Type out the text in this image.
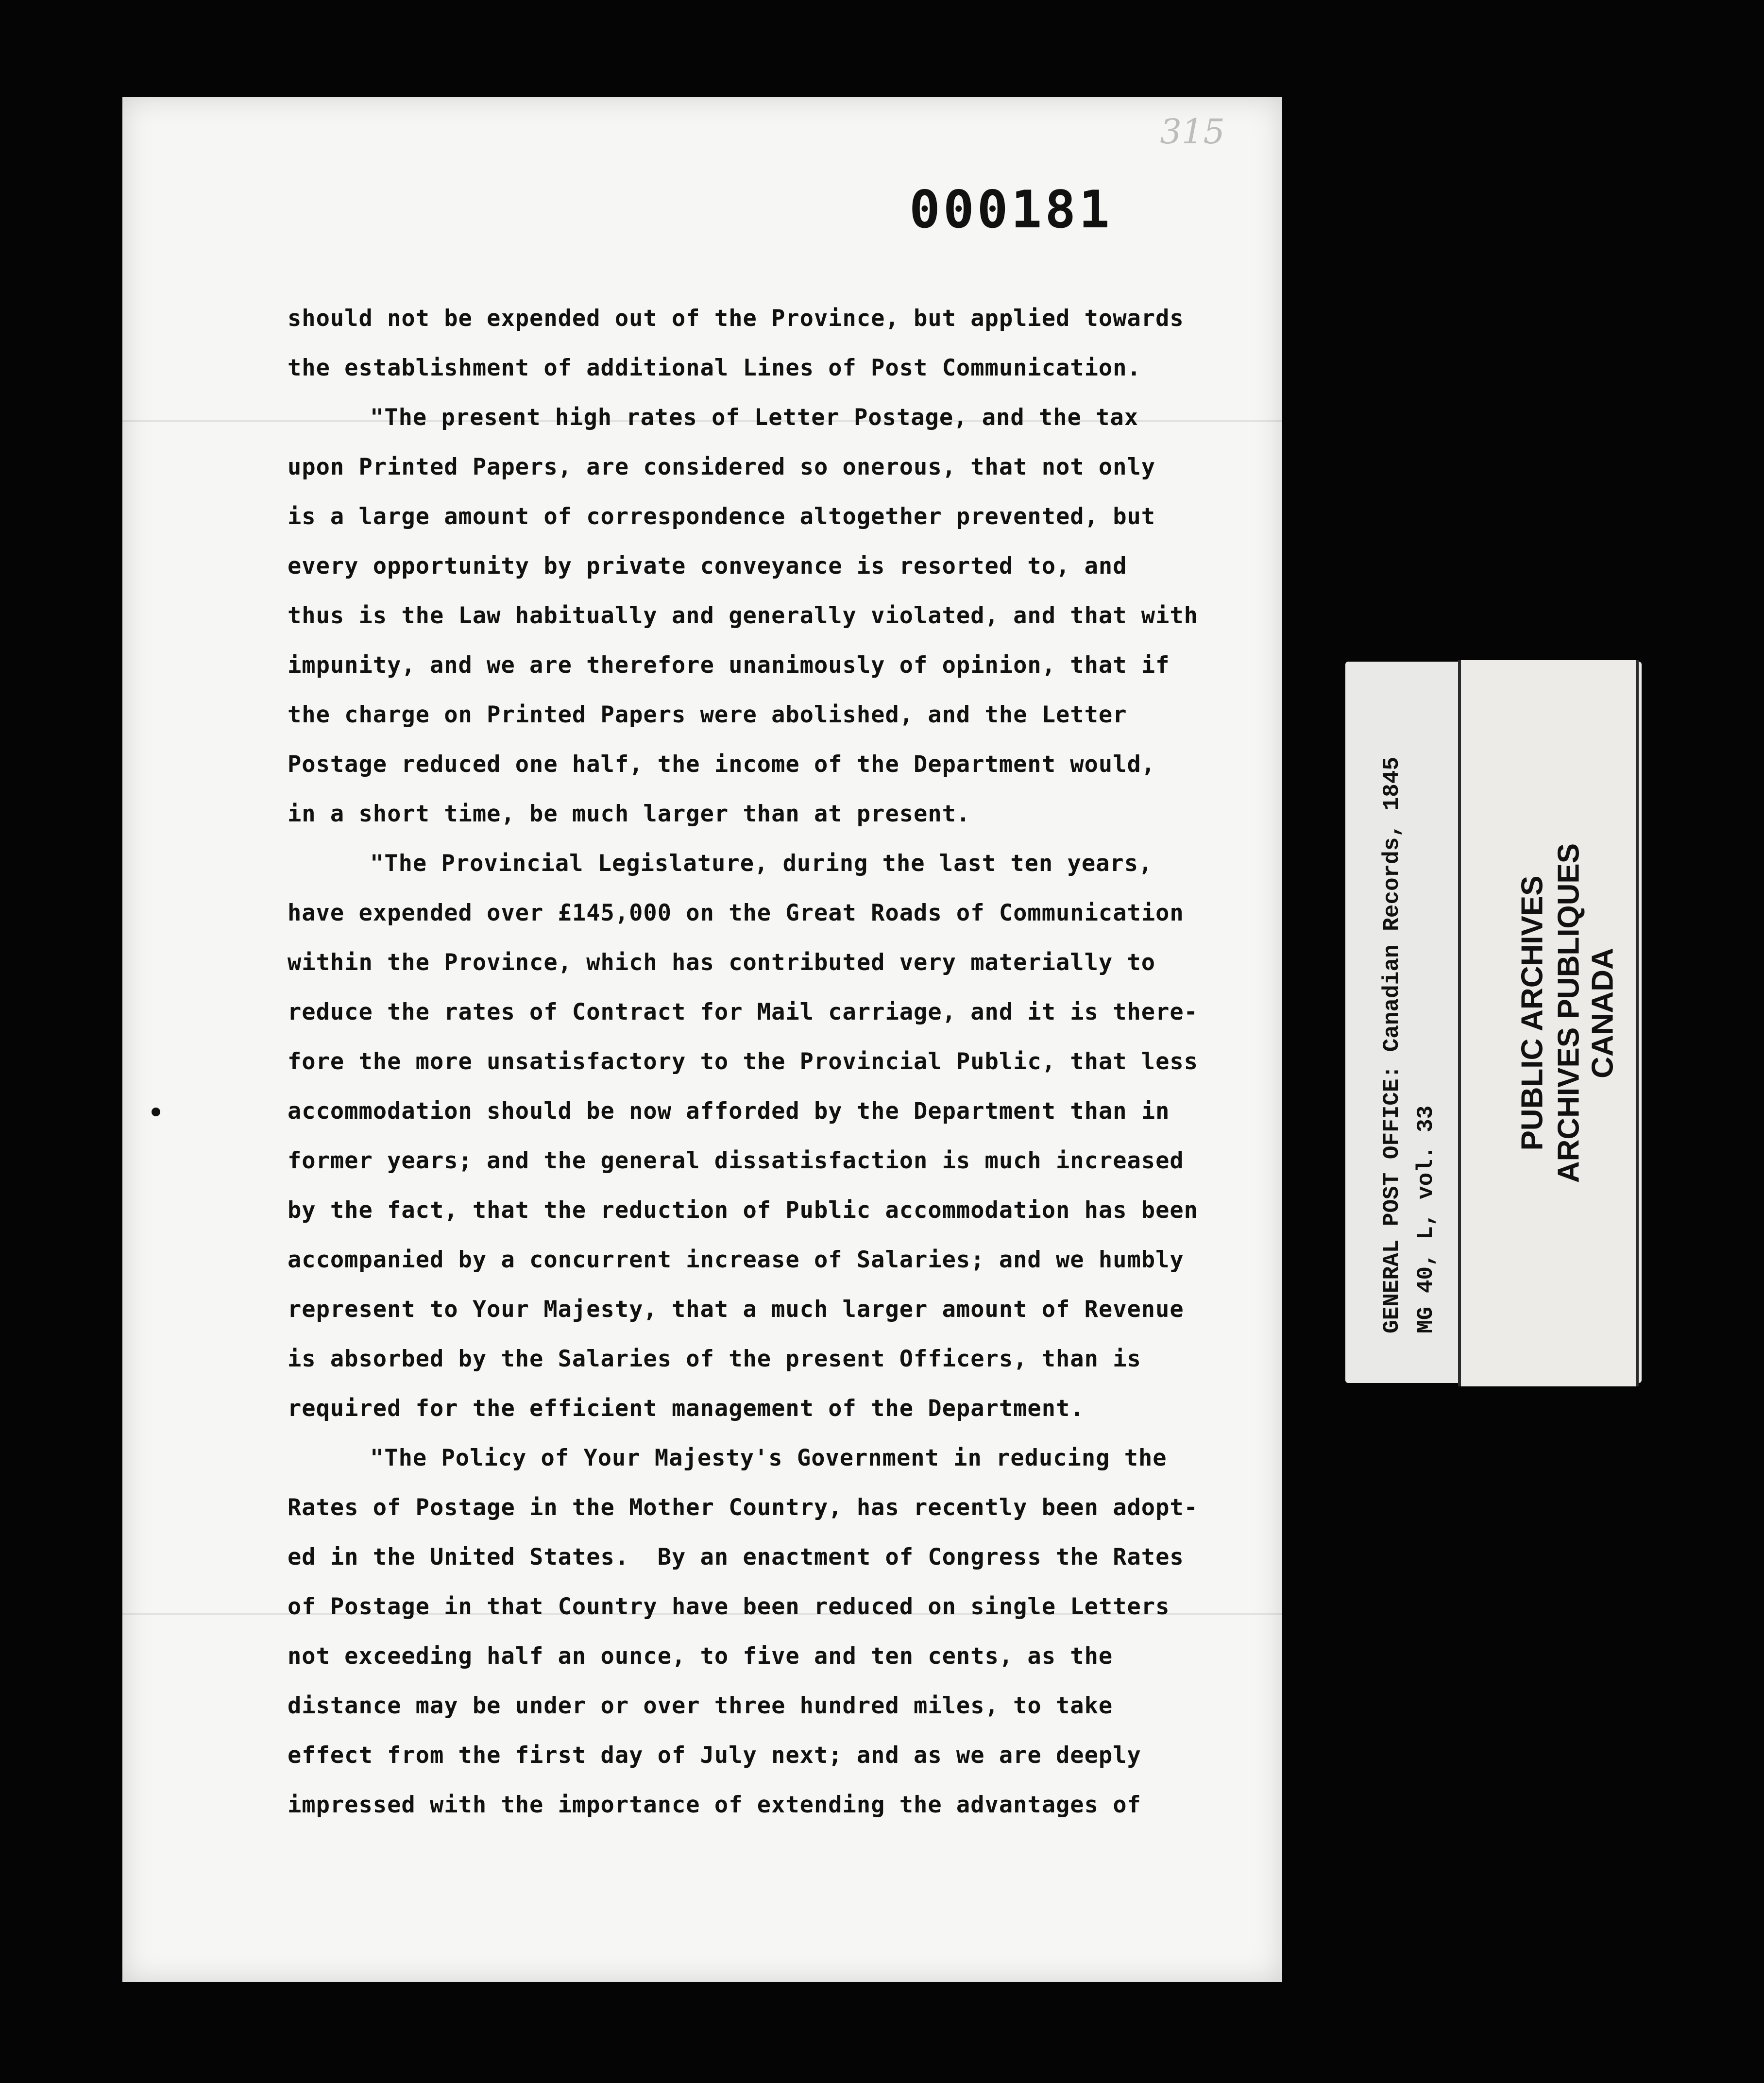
315
000181
should not be expended out of the Province, but applied towards
the establishment of additional Lines of Post Communication.
"The present high rates of Letter Postage, and the tax
upon Printed Papers, are considered so onerous, that not only
is a large amount of correspondence altogether prevented, but
every opportunity by private conveyance is resorted to, and
thus is the Law habitually and generally violated, and that with
impunity, and we are therefore unanimously of opinion, that if
the charge on Printed Papers were abolished, and the Letter
Postage reduced one half, the income of the Department would,
in a short time, be much larger than at present.
"The Provincial Legislature, during the last ten years,
have expended over £145,000 on the Great Roads of Communication
within the Province, which has contributed very materially to
reduce the rates of Contract for Mail carriage, and it is there-
fore the more unsatisfactory to the Provincial Public, that less
accommodation should be now afforded by the Department than in
former years; and the general dissatisfaction is much increased
by the fact, that the reduction of Public accommodation has been
accompanied by a concurrent increase of Salaries; and we humbly
represent to Your Majesty, that a much larger amount of Revenue
is absorbed by the Salaries of the present Officers, than is
required for the efficient management of the Department.
"The Policy of Your Majesty's Government in reducing the
Rates of Postage in the Mother Country, has recently been adopt-
ed in the United States.  By an enactment of Congress the Rates
of Postage in that Country have been reduced on single Letters
not exceeding half an ounce, to five and ten cents, as the
distance may be under or over three hundred miles, to take
effect from the first day of July next; and as we are deeply
impressed with the importance of extending the advantages of
GENERAL POST OFFICE: Canadian Records, 1845 MG 40, L, vol. 33
PUBLIC ARCHIVES ARCHIVES PUBLIQUES CANADA
